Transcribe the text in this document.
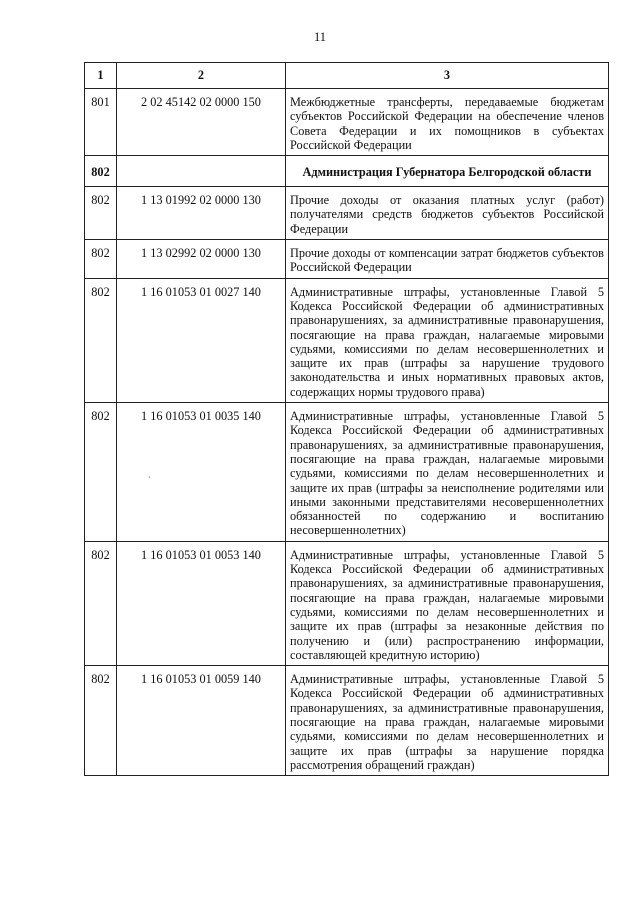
11
1	2	3
801	2 02 45142 02 0000 150	Межбюджетные трансферты, передаваемые бюджетам субъектов Российской Федерации на обеспечение членов Совета Федерации и их помощников в субъектах Российской Федерации
802		Администрация Губернатора Белгородской области
802	1 13 01992 02 0000 130	Прочие доходы от оказания платных услуг (работ) получателями средств бюджетов субъектов Российской Федерации
802	1 13 02992 02 0000 130	Прочие доходы от компенсации затрат бюджетов субъектов Российской Федерации
802	1 16 01053 01 0027 140	Административные штрафы, установленные Главой 5 Кодекса Российской Федерации об административных правонарушениях, за административные правонарушения, посягающие на права граждан, налагаемые мировыми судьями, комиссиями по делам несовершеннолетних и защите их прав (штрафы за нарушение трудового законодательства и иных нормативных правовых актов, содержащих нормы трудового права)
802	1 16 01053 01 0035 140	Административные штрафы, установленные Главой 5 Кодекса Российской Федерации об административных правонарушениях, за административные правонарушения, посягающие на права граждан, налагаемые мировыми судьями, комиссиями по делам несовершеннолетних и защите их прав (штрафы за неисполнение родителями или иными законными представителями несовершеннолетних обязанностей по содержанию и воспитанию несовершеннолетних)
802	1 16 01053 01 0053 140	Административные штрафы, установленные Главой 5 Кодекса Российской Федерации об административных правонарушениях, за административные правонарушения, посягающие на права граждан, налагаемые мировыми судьями, комиссиями по делам несовершеннолетних и защите их прав (штрафы за незаконные действия по получению и (или) распространению информации, составляющей кредитную историю)
802	1 16 01053 01 0059 140	Административные штрафы, установленные Главой 5 Кодекса Российской Федерации об административных правонарушениях, за административные правонарушения, посягающие на права граждан, налагаемые мировыми судьями, комиссиями по делам несовершеннолетних и защите их прав (штрафы за нарушение порядка рассмотрения обращений граждан)
ˏ
